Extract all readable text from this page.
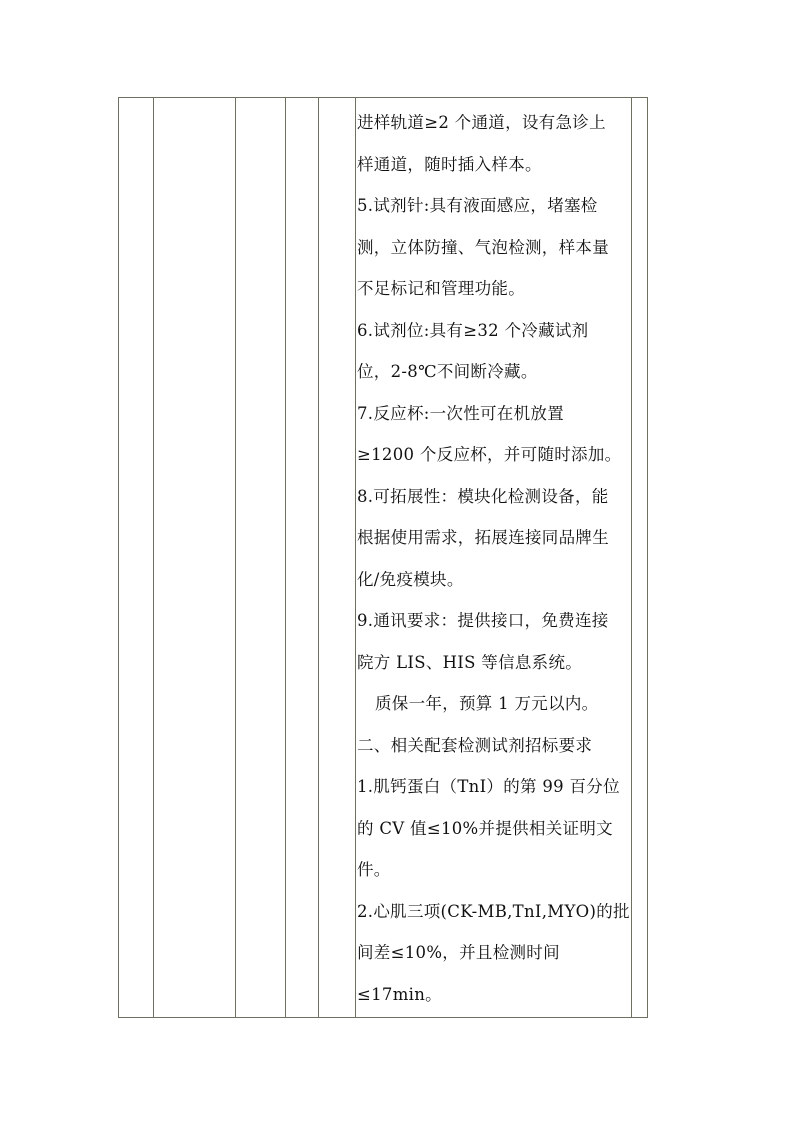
进样轨道≥2 个通道，设有急诊上
样通道，随时插入样本。
5.试剂针:具有液面感应，堵塞检
测，立体防撞、气泡检测，样本量
不足标记和管理功能。
6.试剂位:具有≥32 个冷藏试剂
位，2-8℃不间断冷藏。
7.反应杯:一次性可在机放置
≥1200 个反应杯，并可随时添加。
8.可拓展性：模块化检测设备，能
根据使用需求，拓展连接同品牌生
化/免疫模块。
9.通讯要求：提供接口，免费连接
院方 LIS、HIS 等信息系统。
质保一年，预算 1 万元以内。
二、相关配套检测试剂招标要求
1.肌钙蛋白（TnI）的第 99 百分位
的 CV 值≤10%并提供相关证明文
件。
2.心肌三项(CK-MB,TnI,MYO)的批
间差≤10%，并且检测时间
≤17min。
